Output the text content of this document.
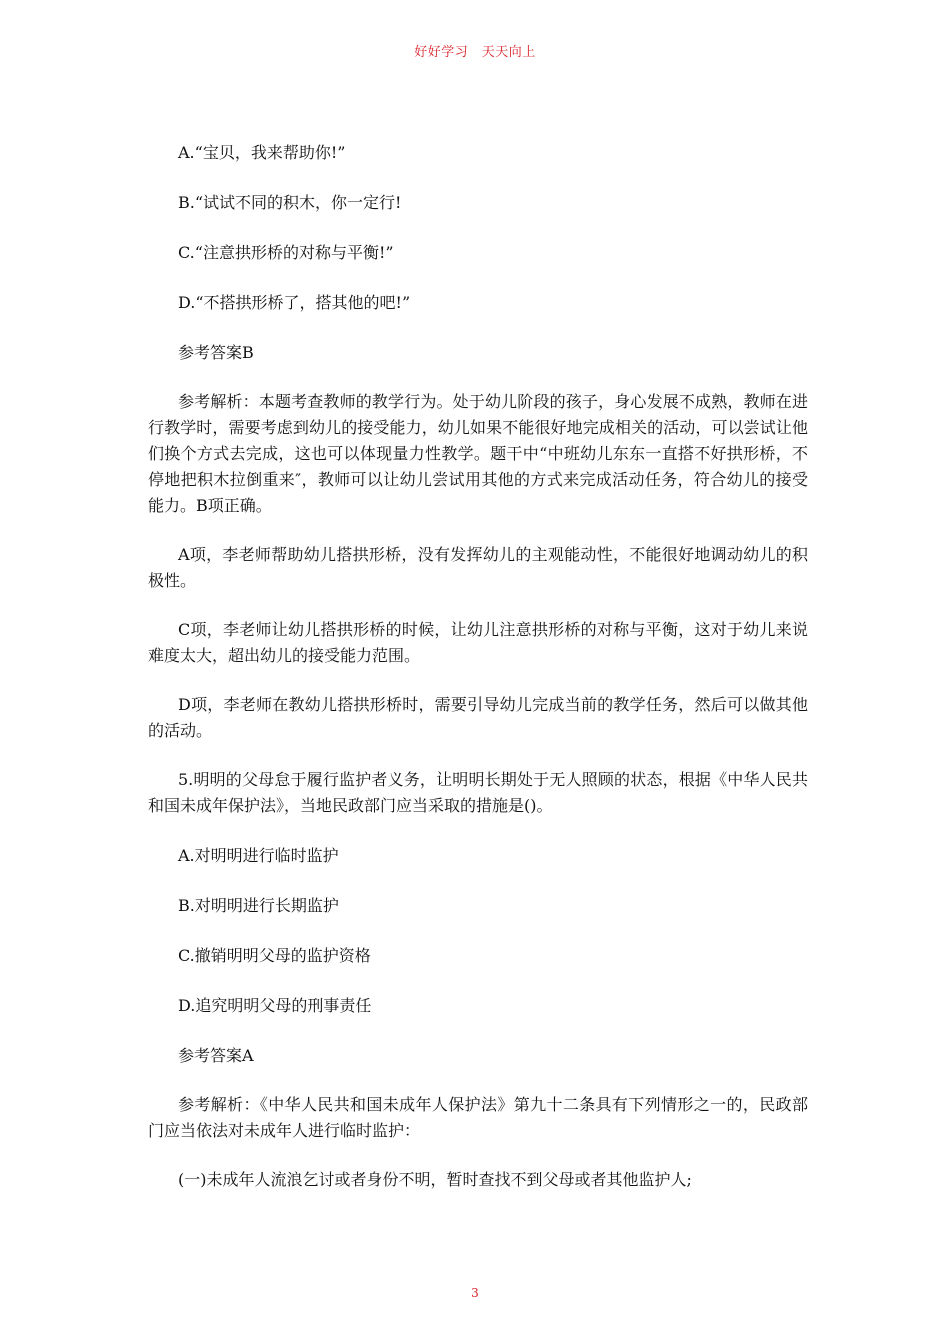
好好学习　天天向上

A.“宝贝，我来帮助你!”

B.“试试不同的积木，你一定行!

C.“注意拱形桥的对称与平衡!”

D.“不搭拱形桥了，搭其他的吧!”

参考答案B

参考解析：本题考查教师的教学行为。处于幼儿阶段的孩子，身心发展不成熟，教师在进行教学时，需要考虑到幼儿的接受能力，幼儿如果不能很好地完成相关的活动，可以尝试让他们换个方式去完成，这也可以体现量力性教学。题干中“中班幼儿东东一直搭不好拱形桥，不停地把积木拉倒重来″，教师可以让幼儿尝试用其他的方式来完成活动任务，符合幼儿的接受能力。B项正确。

A项，李老师帮助幼儿搭拱形桥，没有发挥幼儿的主观能动性，不能很好地调动幼儿的积极性。

C项，李老师让幼儿搭拱形桥的时候，让幼儿注意拱形桥的对称与平衡，这对于幼儿来说难度太大，超出幼儿的接受能力范围。

D项，李老师在教幼儿搭拱形桥时，需要引导幼儿完成当前的教学任务，然后可以做其他的活动。

5.明明的父母怠于履行监护者义务，让明明长期处于无人照顾的状态，根据《中华人民共和国未成年保护法》，当地民政部门应当采取的措施是()。

A.对明明进行临时监护

B.对明明进行长期监护

C.撤销明明父母的监护资格

D.追究明明父母的刑事责任

参考答案A

参考解析：《中华人民共和国未成年人保护法》第九十二条具有下列情形之一的，民政部门应当依法对未成年人进行临时监护：

(一)未成年人流浪乞讨或者身份不明，暂时查找不到父母或者其他监护人;

3
